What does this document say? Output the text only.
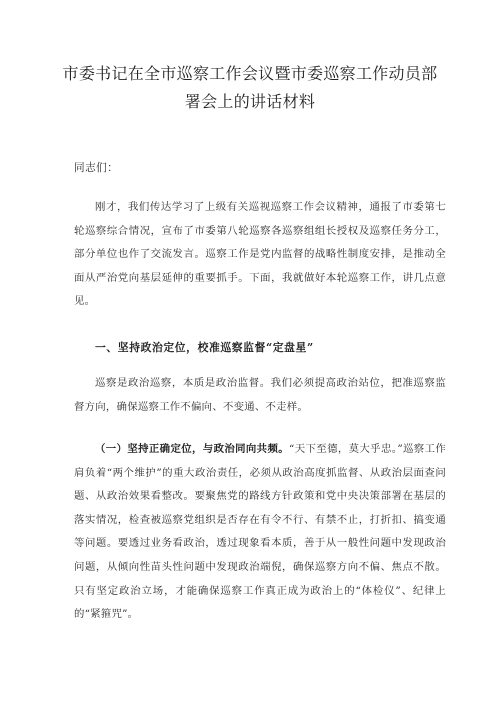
市委书记在全市巡察工作会议暨市委巡察工作动员部
署会上的讲话材料
同志们：

刚才，我们传达学习了上级有关巡视巡察工作会议精神，通报了市委第七轮巡察综合情况，宣布了市委第八轮巡察各巡察组组长授权及巡察任务分工，部分单位也作了交流发言。巡察工作是党内监督的战略性制度安排，是推动全面从严治党向基层延伸的重要抓手。下面，我就做好本轮巡察工作，讲几点意见。

一、坚持政治定位，校准巡察监督“定盘星”

巡察是政治巡察，本质是政治监督。我们必须提高政治站位，把准巡察监督方向，确保巡察工作不偏向、不变通、不走样。

（一）坚持正确定位，与政治同向共频。“天下至德，莫大乎忠。”巡察工作肩负着“两个维护”的重大政治责任，必须从政治高度抓监督、从政治层面查问题、从政治效果看整改。要聚焦党的路线方针政策和党中央决策部署在基层的落实情况，检查被巡察党组织是否存在有令不行、有禁不止，打折扣、搞变通等问题。要透过业务看政治，透过现象看本质，善于从一般性问题中发现政治问题，从倾向性苗头性问题中发现政治端倪，确保巡察方向不偏、焦点不散。只有坚定政治立场，才能确保巡察工作真正成为政治上的“体检仪”、纪律上的“紧箍咒”。
